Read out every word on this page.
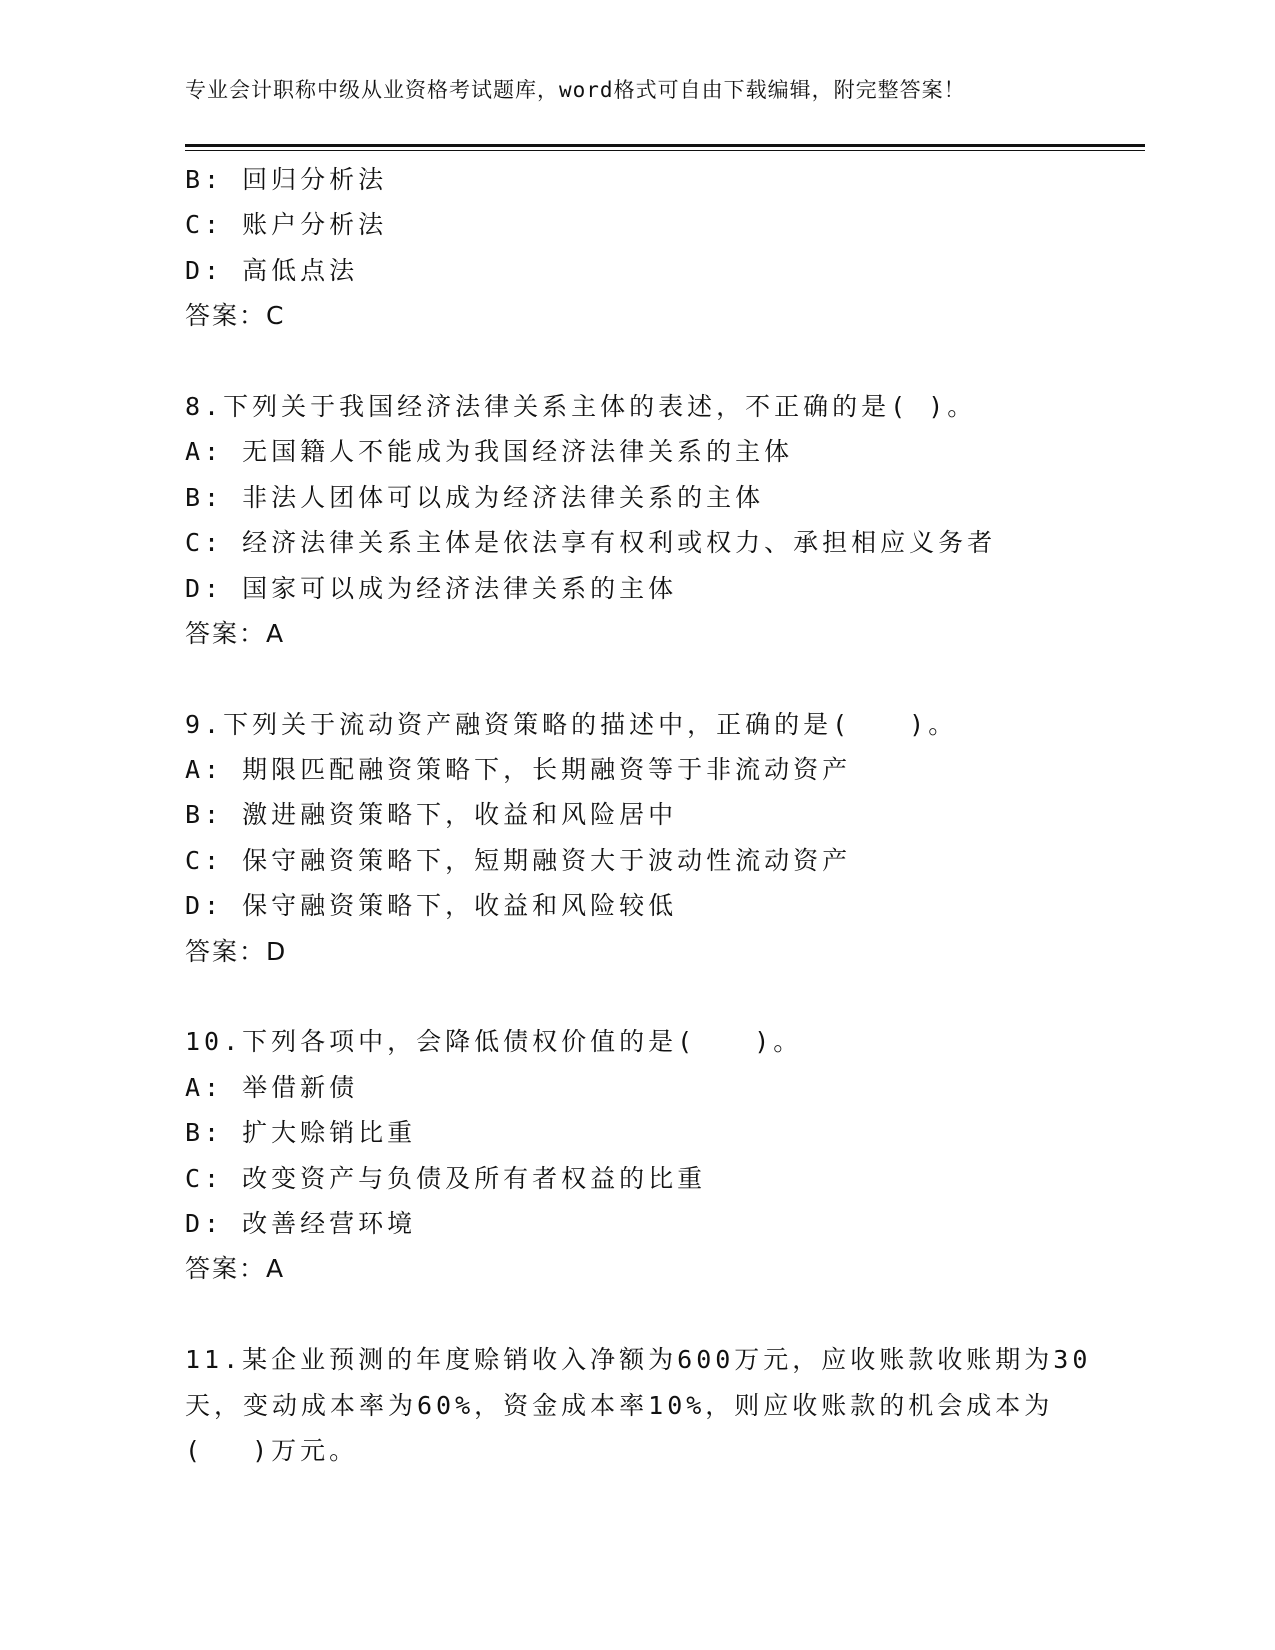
专业会计职称中级从业资格考试题库，word格式可自由下载编辑，附完整答案！
B: 回归分析法
C: 账户分析法
D: 高低点法
答案：C
8.下列关于我国经济法律关系主体的表述，不正确的是( )。
A: 无国籍人不能成为我国经济法律关系的主体
B: 非法人团体可以成为经济法律关系的主体
C: 经济法律关系主体是依法享有权利或权力、承担相应义务者
D: 国家可以成为经济法律关系的主体
答案：A
9.下列关于流动资产融资策略的描述中，正确的是(　　)。
A: 期限匹配融资策略下，长期融资等于非流动资产
B: 激进融资策略下，收益和风险居中
C: 保守融资策略下，短期融资大于波动性流动资产
D: 保守融资策略下，收益和风险较低
答案：D
10.下列各项中，会降低债权价值的是(　　)。
A: 举借新债
B: 扩大赊销比重
C: 改变资产与负债及所有者权益的比重
D: 改善经营环境
答案：A
11.某企业预测的年度赊销收入净额为600万元，应收账款收账期为30
天，变动成本率为60%，资金成本率10%，则应收账款的机会成本为
(　 )万元。
